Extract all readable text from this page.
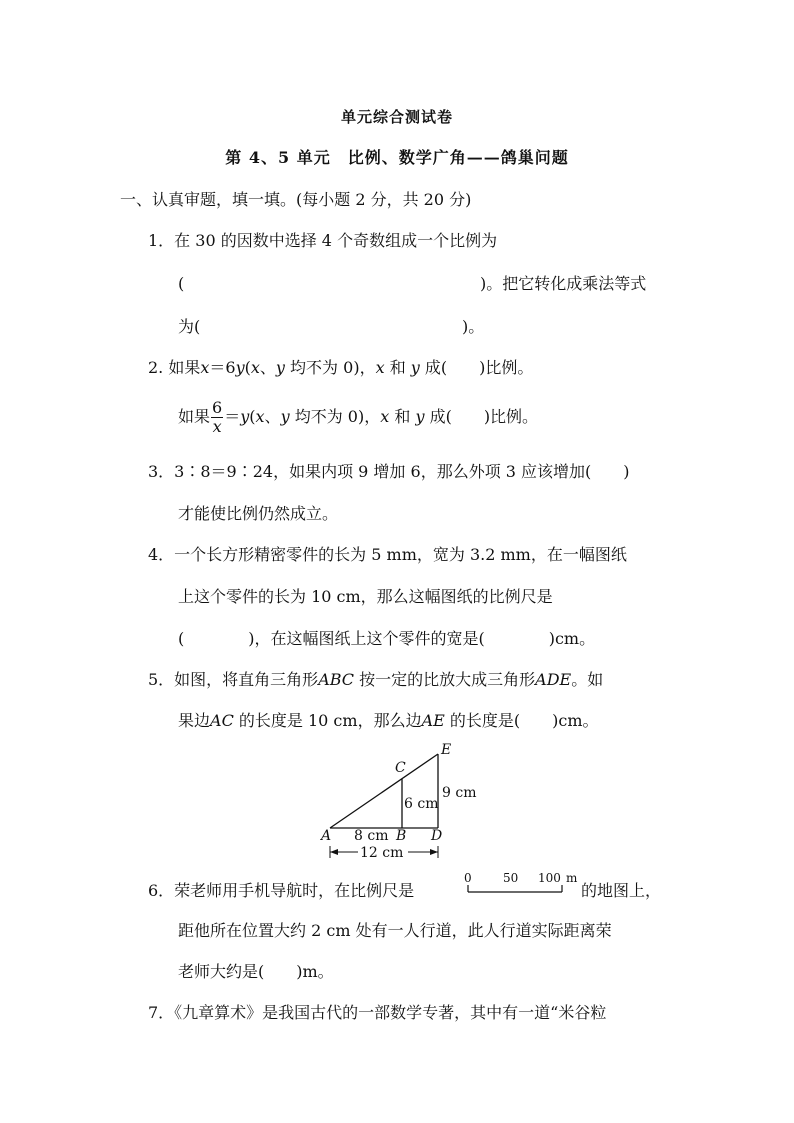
单元综合测试卷
第 4、5 单元　比例、数学广角——鸽巢问题
一、认真审题，填一填。(每小题 2 分，共 20 分)
1．在 30 的因数中选择 4 个奇数组成一个比例为
(	)。把它转化成乘法等式
为(	)。
2. 如果x＝6y(x、y 均不为 0)，x 和 y 成(　　)比例。
如果 $\frac{6}{x} =y(x$、y 均不为 0)，x 和 y 成(　　)比例。
3．3∶8＝9∶24，如果内项 9 增加 6，那么外项 3 应该增加(　　)
才能使比例仍然成立。
4．一个长方形精密零件的长为 5 mm，宽为 3.2 mm，在一幅图纸
上这个零件的长为 10 cm，那么这幅图纸的比例尺是
(　　　　)，在这幅图纸上这个零件的宽是(　　　　)cm。
5．如图，将直角三角形ABC 按一定的比放大成三角形ADE。如
果边AC 的长度是 10 cm，那么边AE 的长度是(　　)cm。
A	B
C
D
E
6 cm
9 cm
8 cm
12 cm
6．荣老师用手机导航时，在比例尺是
0	50 100 m
的地图上，
距他所在位置大约 2 cm 处有一人行道，此人行道实际距离荣
老师大约是(　　)m。
7．《九章算术》是我国古代的一部数学专著，其中有一道“米谷粒
